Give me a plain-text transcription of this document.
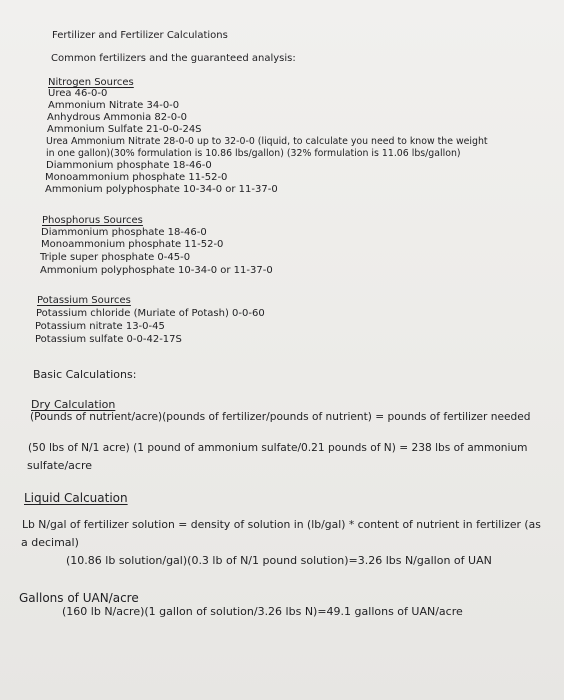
Fertilizer and Fertilizer Calculations
Common fertilizers and the guaranteed analysis:
Nitrogen Sources
Urea 46-0-0
Ammonium Nitrate 34-0-0
Anhydrous Ammonia 82-0-0
Ammonium Sulfate 21-0-0-24S
Urea Ammonium Nitrate 28-0-0 up to 32-0-0 (liquid, to calculate you need to know the weight
in one gallon)(30% formulation is 10.86 lbs/gallon) (32% formulation is 11.06 lbs/gallon)
Diammonium phosphate 18-46-0
Monoammonium phosphate 11-52-0
Ammonium polyphosphate 10-34-0 or 11-37-0
Phosphorus Sources
Diammonium phosphate 18-46-0
Monoammonium phosphate 11-52-0
Triple super phosphate 0-45-0
Ammonium polyphosphate 10-34-0 or 11-37-0
Potassium Sources
Potassium chloride (Muriate of Potash) 0-0-60
Potassium nitrate 13-0-45
Potassium sulfate 0-0-42-17S
Basic Calculations:
Dry Calculation
(Pounds of nutrient/acre)(pounds of fertilizer/pounds of nutrient) = pounds of fertilizer needed
(50 lbs of N/1 acre) (1 pound of ammonium sulfate/0.21 pounds of N) = 238 lbs of ammonium
sulfate/acre
Liquid Calcuation
Lb N/gal of fertilizer solution = density of solution in (lb/gal) * content of nutrient in fertilizer (as
a decimal)
(10.86 lb solution/gal)(0.3 lb of N/1 pound solution)=3.26 lbs N/gallon of UAN
Gallons of UAN/acre
(160 lb N/acre)(1 gallon of solution/3.26 lbs N)=49.1 gallons of UAN/acre
